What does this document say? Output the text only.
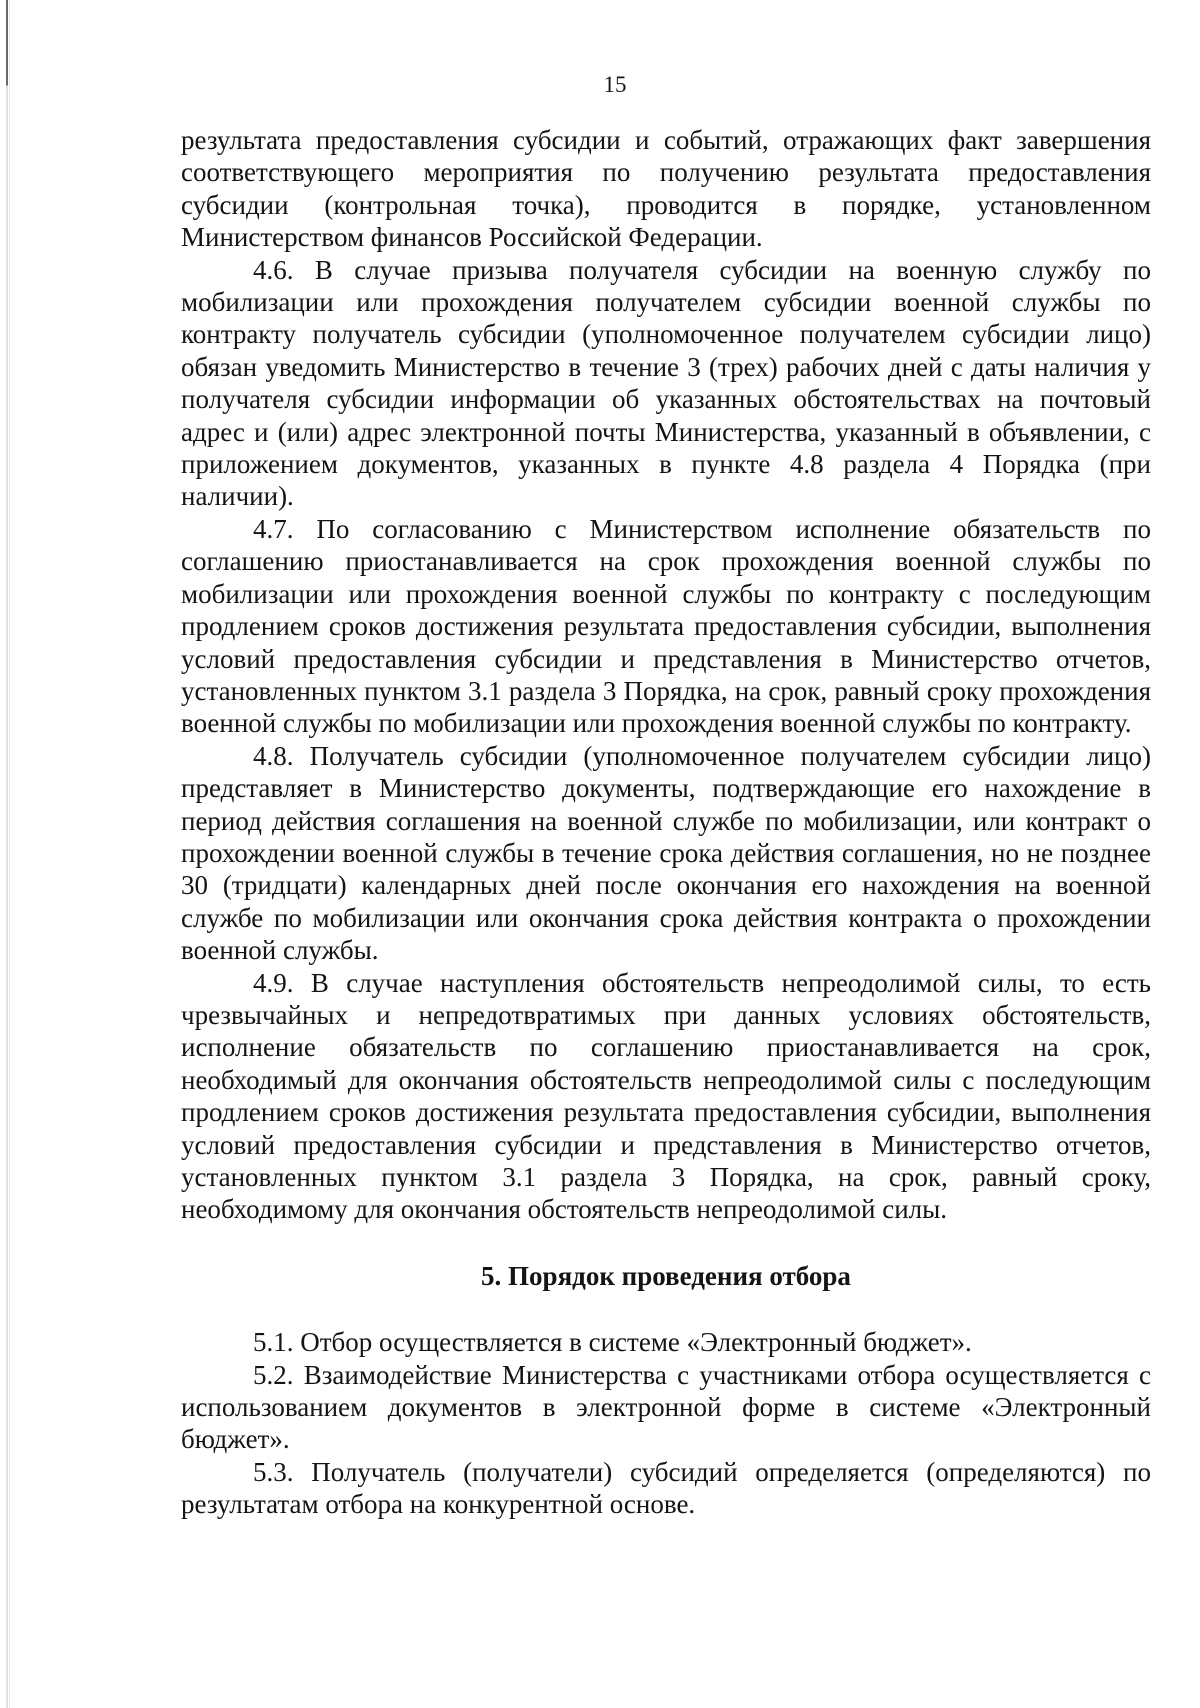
15

результата предоставления субсидии и событий, отражающих факт завершения соответствующего мероприятия по получению результата предоставления субсидии (контрольная точка), проводится в порядке, установленном Министерством финансов Российской Федерации.

4.6. В случае призыва получателя субсидии на военную службу по мобилизации или прохождения получателем субсидии военной службы по контракту получатель субсидии (уполномоченное получателем субсидии лицо) обязан уведомить Министерство в течение 3 (трех) рабочих дней с даты наличия у получателя субсидии информации об указанных обстоятельствах на почтовый адрес и (или) адрес электронной почты Министерства, указанный в объявлении, с приложением документов, указанных в пункте 4.8 раздела 4 Порядка (при наличии).

4.7. По согласованию с Министерством исполнение обязательств по соглашению приостанавливается на срок прохождения военной службы по мобилизации или прохождения военной службы по контракту с последующим продлением сроков достижения результата предоставления субсидии, выполнения условий предоставления субсидии и представления в Министерство отчетов, установленных пунктом 3.1 раздела 3 Порядка, на срок, равный сроку прохождения военной службы по мобилизации или прохождения военной службы по контракту.

4.8. Получатель субсидии (уполномоченное получателем субсидии лицо) представляет в Министерство документы, подтверждающие его нахождение в период действия соглашения на военной службе по мобилизации, или контракт о прохождении военной службы в течение срока действия соглашения, но не позднее 30 (тридцати) календарных дней после окончания его нахождения на военной службе по мобилизации или окончания срока действия контракта о прохождении военной службы.

4.9. В случае наступления обстоятельств непреодолимой силы, то есть чрезвычайных и непредотвратимых при данных условиях обстоятельств, исполнение обязательств по соглашению приостанавливается на срок, необходимый для окончания обстоятельств непреодолимой силы с последующим продлением сроков достижения результата предоставления субсидии, выполнения условий предоставления субсидии и представления в Министерство отчетов, установленных пунктом 3.1 раздела 3 Порядка, на срок, равный сроку, необходимому для окончания обстоятельств непреодолимой силы.

5. Порядок проведения отбора

5.1. Отбор осуществляется в системе «Электронный бюджет».

5.2. Взаимодействие Министерства с участниками отбора осуществляется с использованием документов в электронной форме в системе «Электронный бюджет».

5.3. Получатель (получатели) субсидий определяется (определяются) по результатам отбора на конкурентной основе.
